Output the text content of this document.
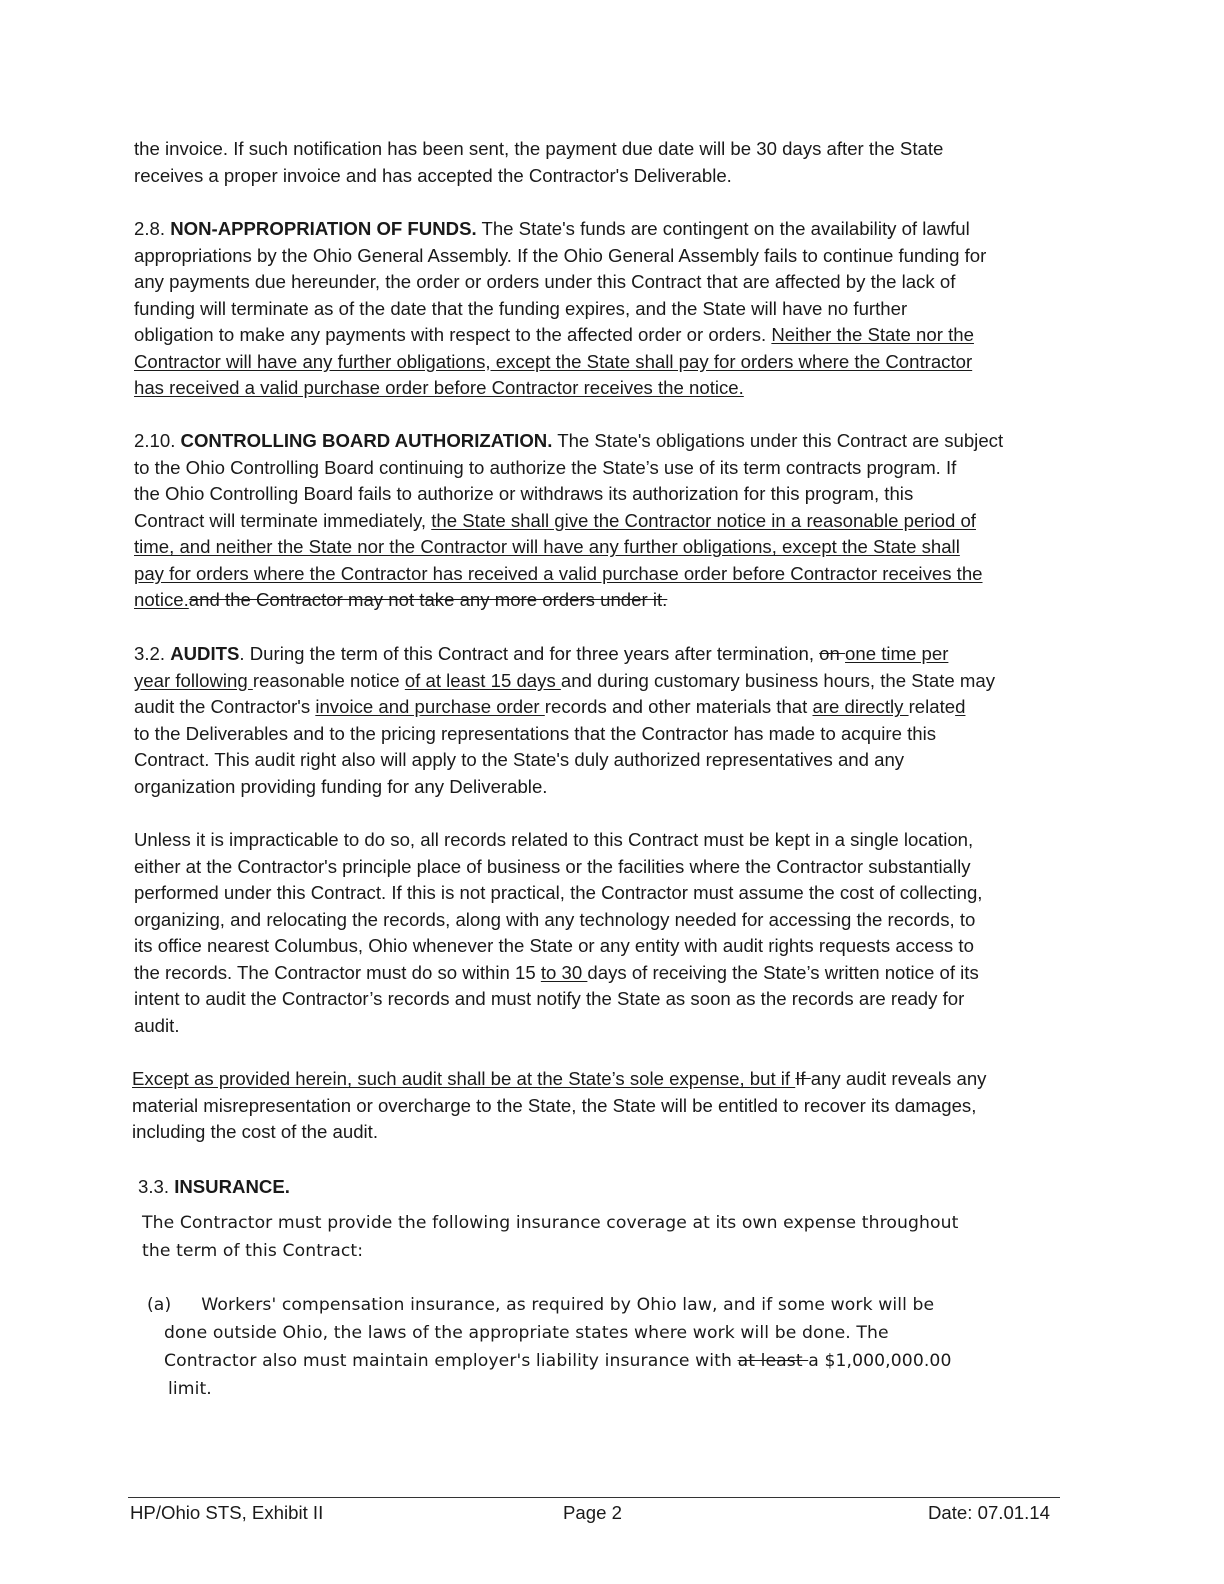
the invoice. If such notification has been sent, the payment due date will be 30 days after the State

receives a proper invoice and has accepted the Contractor's Deliverable.

2.8. NON-APPROPRIATION OF FUNDS. The State's funds are contingent on the availability of lawful

appropriations by the Ohio General Assembly. If the Ohio General Assembly fails to continue funding for

any payments due hereunder, the order or orders under this Contract that are affected by the lack of

funding will terminate as of the date that the funding expires, and the State will have no further

obligation to make any payments with respect to the affected order or orders. Neither the State nor the

Contractor will have any further obligations, except the State shall pay for orders where the Contractor

has received a valid purchase order before Contractor receives the notice.

2.10. CONTROLLING BOARD AUTHORIZATION. The State's obligations under this Contract are subject

to the Ohio Controlling Board continuing to authorize the State’s use of its term contracts program. If

the Ohio Controlling Board fails to authorize or withdraws its authorization for this program, this

Contract will terminate immediately, the State shall give the Contractor notice in a reasonable period of

time, and neither the State nor the Contractor will have any further obligations, except the State shall

pay for orders where the Contractor has received a valid purchase order before Contractor receives the

notice.and the Contractor may not take any more orders under it.

3.2. AUDITS. During the term of this Contract and for three years after termination, on one time per

year following reasonable notice of at least 15 days and during customary business hours, the State may

audit the Contractor's invoice and purchase order records and other materials that are directly related

to the Deliverables and to the pricing representations that the Contractor has made to acquire this

Contract. This audit right also will apply to the State's duly authorized representatives and any

organization providing funding for any Deliverable.

Unless it is impracticable to do so, all records related to this Contract must be kept in a single location,

either at the Contractor's principle place of business or the facilities where the Contractor substantially

performed under this Contract. If this is not practical, the Contractor must assume the cost of collecting,

organizing, and relocating the records, along with any technology needed for accessing the records, to

its office nearest Columbus, Ohio whenever the State or any entity with audit rights requests access to

the records. The Contractor must do so within 15 to 30 days of receiving the State’s written notice of its

intent to audit the Contractor’s records and must notify the State as soon as the records are ready for

audit.

Except as provided herein, such audit shall be at the State’s sole expense, but if If any audit reveals any

material misrepresentation or overcharge to the State, the State will be entitled to recover its damages,

including the cost of the audit.

3.3. INSURANCE.

The Contractor must provide the following insurance coverage at its own expense throughout

the term of this Contract:

(a) Workers' compensation insurance, as required by Ohio law, and if some work will be

done outside Ohio, the laws of the appropriate states where work will be done. The

Contractor also must maintain employer's liability insurance with at least a $1,000,000.00

limit.

HP/Ohio STS, Exhibit II	Page 2	Date: 07.01.14
